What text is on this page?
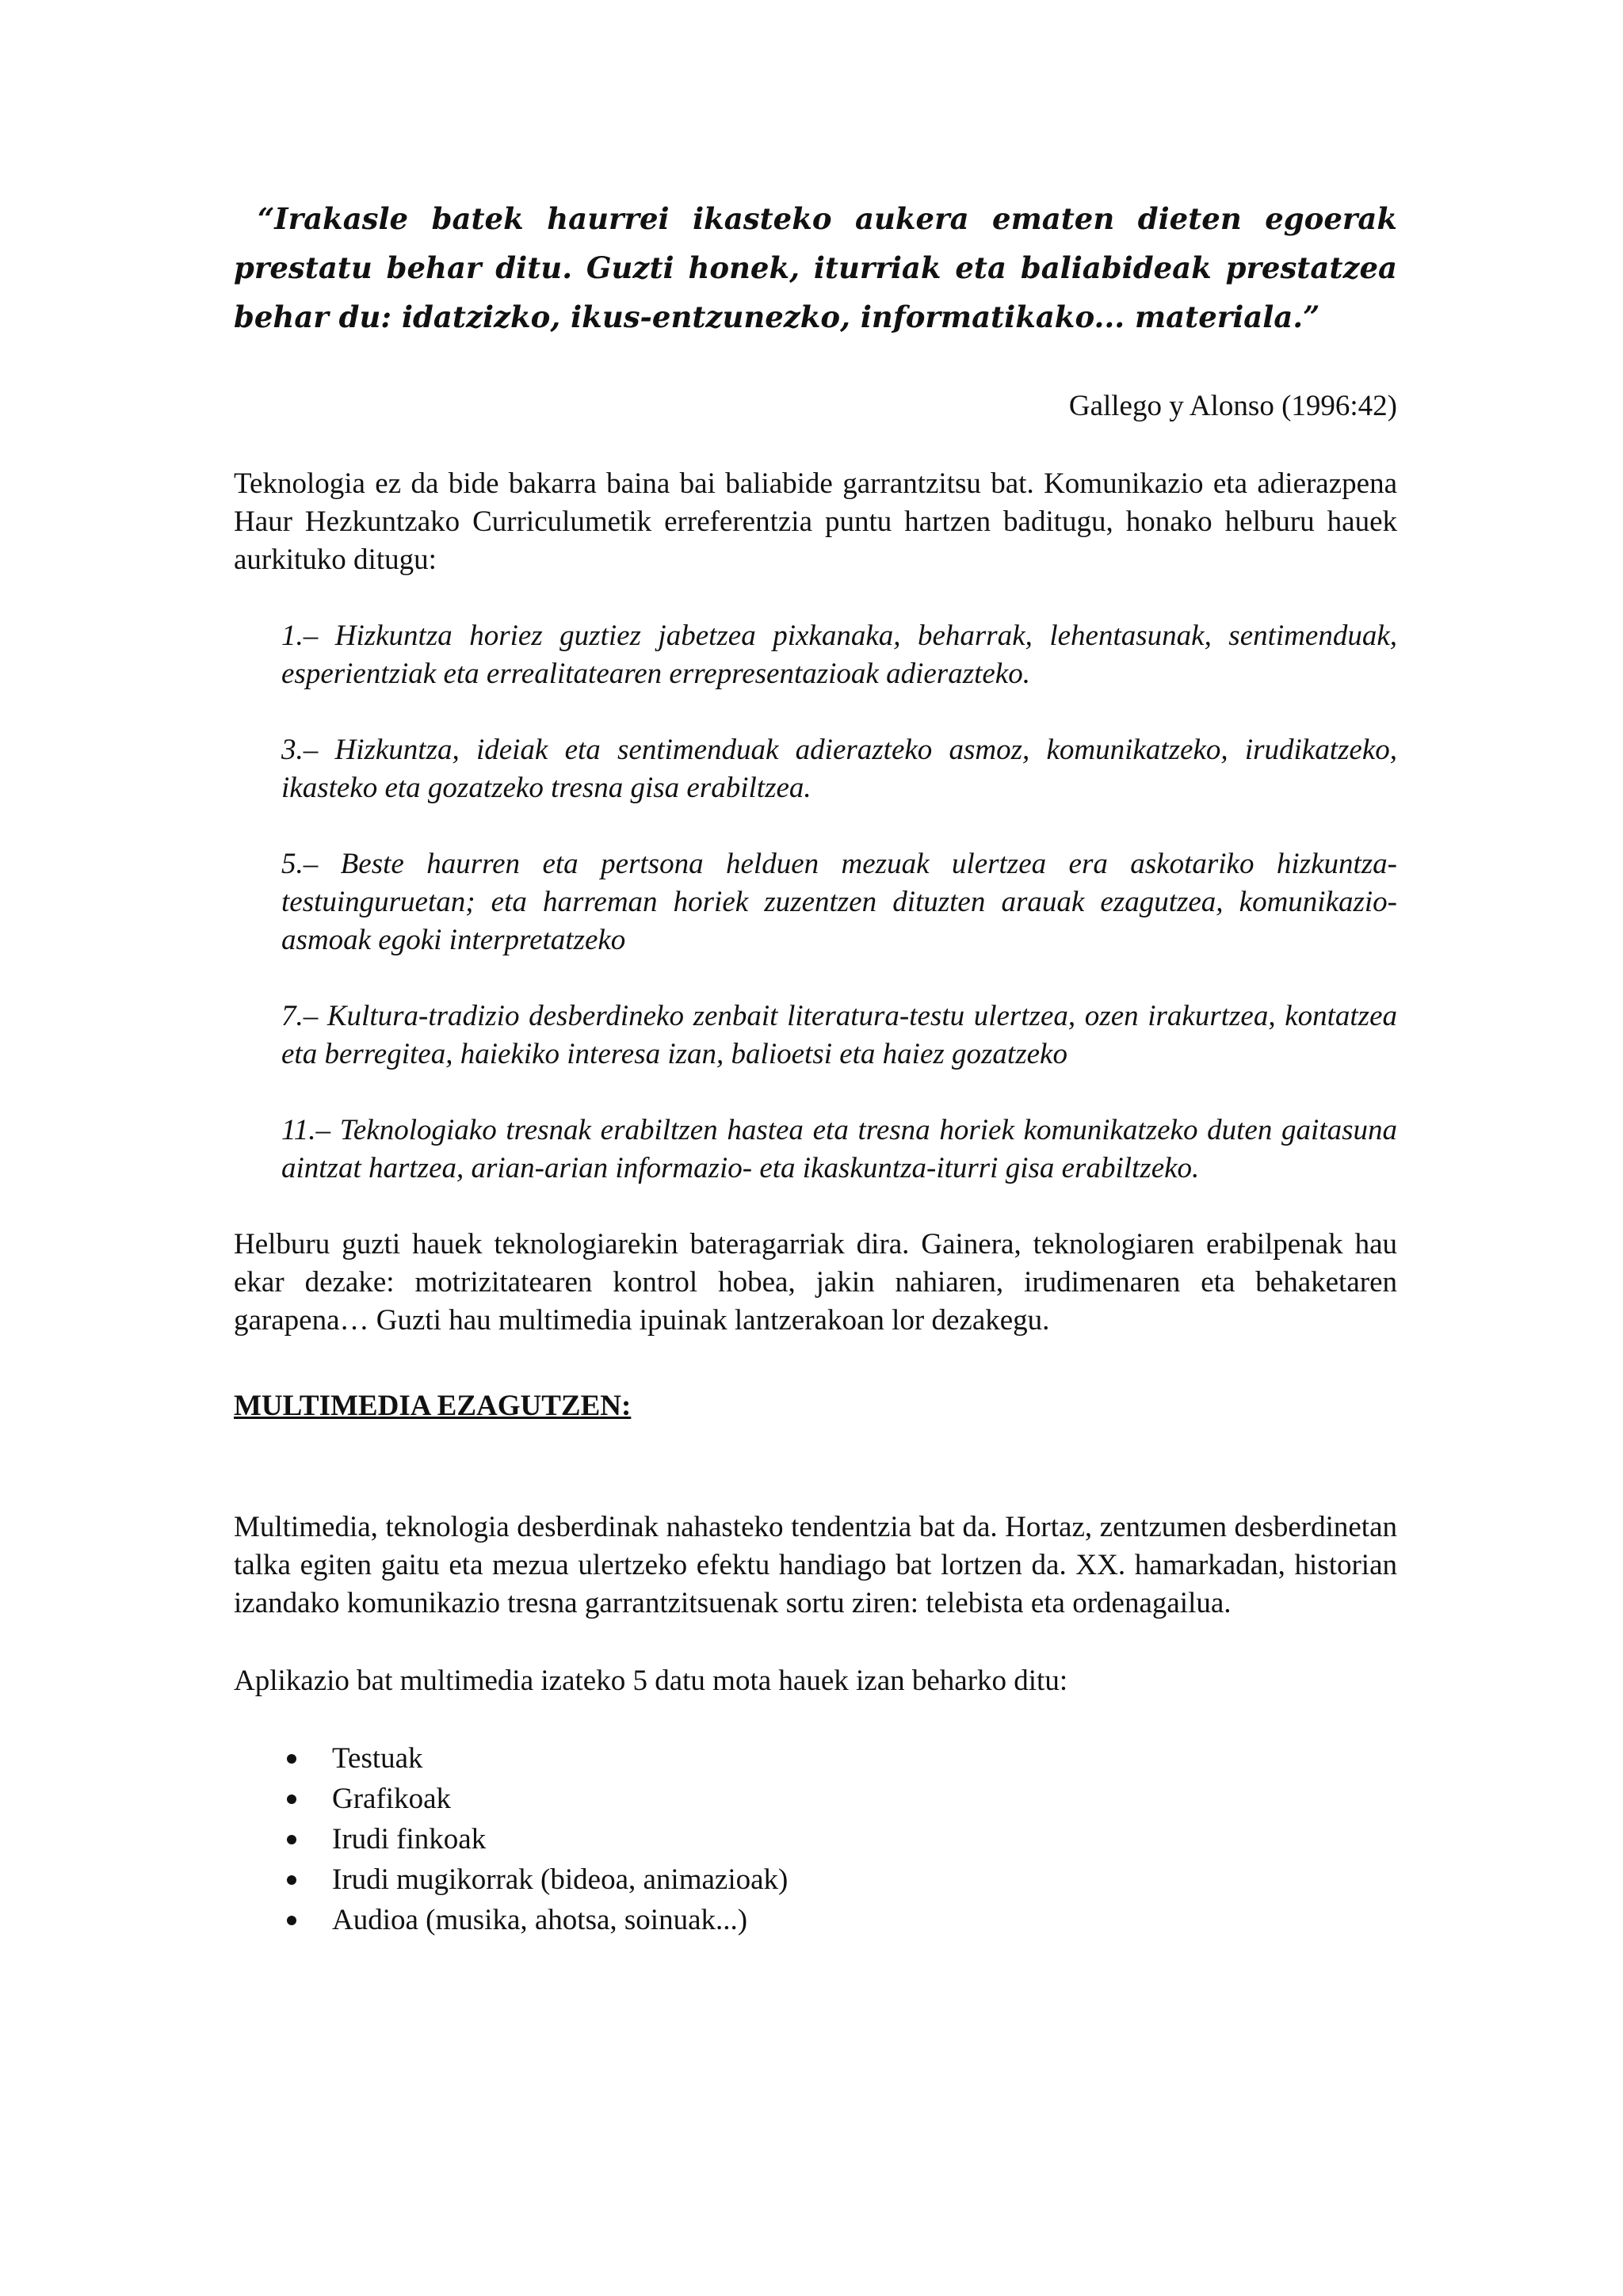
“Irakasle batek haurrei ikasteko aukera ematen dieten egoerak prestatu behar ditu. Guzti honek, iturriak eta baliabideak prestatzea behar du: idatzizko, ikus-entzunezko, informatikako... materiala.”

Gallego y Alonso (1996:42)

Teknologia ez da bide bakarra baina bai baliabide garrantzitsu bat. Komunikazio eta adierazpena Haur Hezkuntzako Curriculumetik erreferentzia puntu hartzen baditugu, honako helburu hauek aurkituko ditugu:

1.– Hizkuntza horiez guztiez jabetzea pixkanaka, beharrak, lehentasunak, sentimenduak, esperientziak eta errealitatearen errepresentazioak adierazteko.

3.– Hizkuntza, ideiak eta sentimenduak adierazteko asmoz, komunikatzeko, irudikatzeko, ikasteko eta gozatzeko tresna gisa erabiltzea.

5.– Beste haurren eta pertsona helduen mezuak ulertzea era askotariko hizkuntza-testuinguruetan; eta harreman horiek zuzentzen dituzten arauak ezagutzea, komunikazio-asmoak egoki interpretatzeko

7.– Kultura-tradizio desberdineko zenbait literatura-testu ulertzea, ozen irakurtzea, kontatzea eta berregitea, haiekiko interesa izan, balioetsi eta haiez gozatzeko

11.– Teknologiako tresnak erabiltzen hastea eta tresna horiek komunikatzeko duten gaitasuna aintzat hartzea, arian-arian informazio- eta ikaskuntza-iturri gisa erabiltzeko.

Helburu guzti hauek teknologiarekin bateragarriak dira. Gainera, teknologiaren erabilpenak hau ekar dezake: motrizitatearen kontrol hobea, jakin nahiaren, irudimenaren eta behaketaren garapena… Guzti hau multimedia ipuinak lantzerakoan lor dezakegu.

MULTIMEDIA EZAGUTZEN:

Multimedia, teknologia desberdinak nahasteko tendentzia bat da. Hortaz, zentzumen desberdinetan talka egiten gaitu eta mezua ulertzeko efektu handiago bat lortzen da. XX. hamarkadan, historian izandako komunikazio tresna garrantzitsuenak sortu ziren: telebista eta ordenagailua.

Aplikazio bat multimedia izateko 5 datu mota hauek izan beharko ditu:

Testuak
Grafikoak
Irudi finkoak
Irudi mugikorrak (bideoa, animazioak)
Audioa (musika, ahotsa, soinuak...)
